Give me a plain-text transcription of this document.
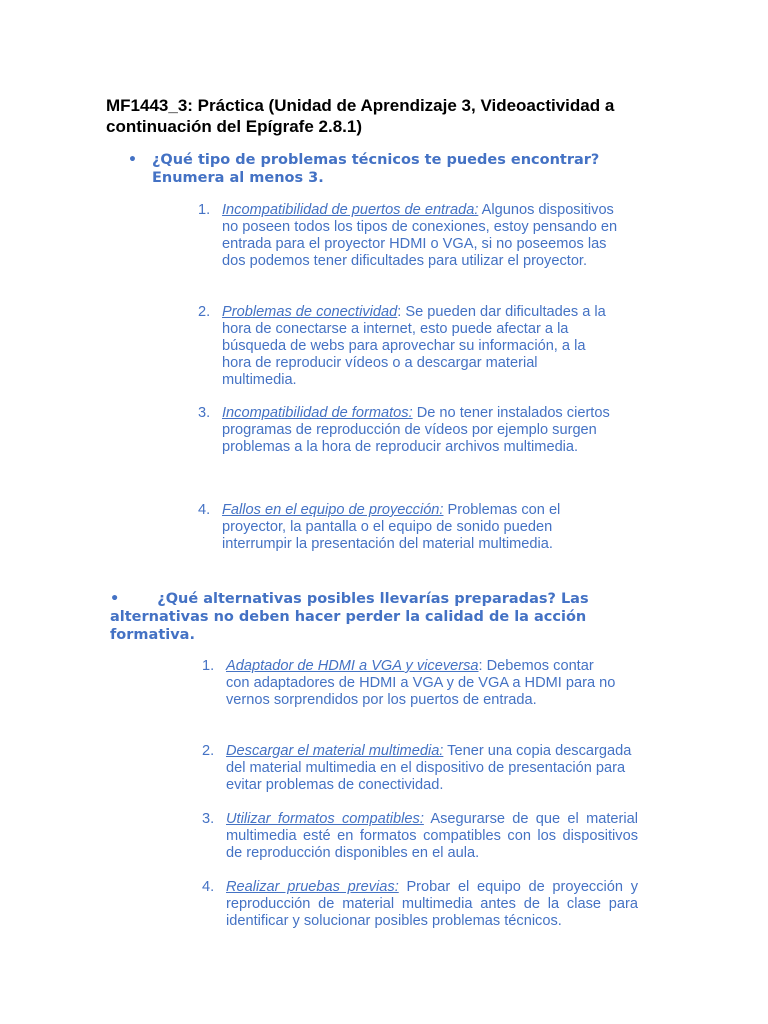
MF1443_3: Práctica (Unidad de Aprendizaje 3, Videoactividad a continuación del Epígrafe 2.8.1)
• ¿Qué tipo de problemas técnicos te puedes encontrar? Enumera al menos 3.
1. Incompatibilidad de puertos de entrada: Algunos dispositivos no poseen todos los tipos de conexiones, estoy pensando en entrada para el proyector HDMI o VGA, si no poseemos las dos podemos tener dificultades para utilizar el proyector.
2. Problemas de conectividad: Se pueden dar dificultades a la hora de conectarse a internet, esto puede afectar a la búsqueda de webs para aprovechar su información, a la hora de reproducir vídeos o a descargar material multimedia.
3. Incompatibilidad de formatos: De no tener instalados ciertos programas de reproducción de vídeos por ejemplo surgen problemas a la hora de reproducir archivos multimedia.
4. Fallos en el equipo de proyección: Problemas con el proyector, la pantalla o el equipo de sonido pueden interrumpir la presentación del material multimedia.
•	¿Qué alternativas posibles llevarías preparadas? Las alternativas no deben hacer perder la calidad de la acción formativa.
1. Adaptador de HDMI a VGA y viceversa: Debemos contar con adaptadores de HDMI a VGA y de VGA a HDMI para no vernos sorprendidos por los puertos de entrada.
2. Descargar el material multimedia: Tener una copia descargada del material multimedia en el dispositivo de presentación para evitar problemas de conectividad.
3. Utilizar formatos compatibles: Asegurarse de que el material multimedia esté en formatos compatibles con los dispositivos de reproducción disponibles en el aula.
4. Realizar pruebas previas: Probar el equipo de proyección y reproducción de material multimedia antes de la clase para identificar y solucionar posibles problemas técnicos.
